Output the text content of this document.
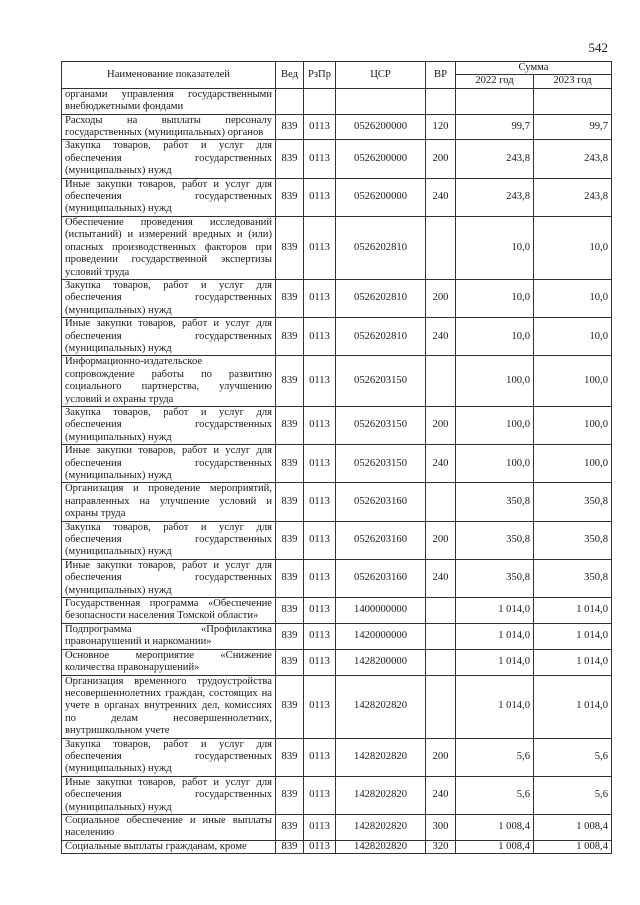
542
Наименование показателей	Вед	РзПр	ЦСР	ВР	Сумма	
					2022 год	2023 год
органами управления государственными внебюджетными фондами						
Расходы на выплаты персоналу государственных (муниципальных) органов	839	0113	0526200000	120	99,7	99,7
Закупка товаров, работ и услуг для обеспечения государственных (муниципальных) нужд	839	0113	0526200000	200	243,8	243,8
Иные закупки товаров, работ и услуг для обеспечения государственных (муниципальных) нужд	839	0113	0526200000	240	243,8	243,8
Обеспечение проведения исследований (испытаний) и измерений вредных и (или) опасных производственных факторов при проведении государственной экспертизы условий труда	839	0113	0526202810		10,0	10,0
Закупка товаров, работ и услуг для обеспечения государственных (муниципальных) нужд	839	0113	0526202810	200	10,0	10,0
Иные закупки товаров, работ и услуг для обеспечения государственных (муниципальных) нужд	839	0113	0526202810	240	10,0	10,0
Информационно-издательское сопровождение работы по развитию социального партнерства, улучшению условий и охраны труда	839	0113	0526203150		100,0	100,0
Закупка товаров, работ и услуг для обеспечения государственных (муниципальных) нужд	839	0113	0526203150	200	100,0	100,0
Иные закупки товаров, работ и услуг для обеспечения государственных (муниципальных) нужд	839	0113	0526203150	240	100,0	100,0
Организация и проведение мероприятий, направленных на улучшение условий и охраны труда	839	0113	0526203160		350,8	350,8
Закупка товаров, работ и услуг для обеспечения государственных (муниципальных) нужд	839	0113	0526203160	200	350,8	350,8
Иные закупки товаров, работ и услуг для обеспечения государственных (муниципальных) нужд	839	0113	0526203160	240	350,8	350,8
Государственная программа «Обеспечение безопасности населения Томской области»	839	0113	1400000000		1 014,0	1 014,0
Подпрограмма «Профилактика правонарушений и наркомании»	839	0113	1420000000		1 014,0	1 014,0
Основное мероприятие «Снижение количества правонарушений»	839	0113	1428200000		1 014,0	1 014,0
Организация временного трудоустройства несовершеннолетних граждан, состоящих на учете в органах внутренних дел, комиссиях по делам несовершеннолетних, внутришкольном учете	839	0113	1428202820		1 014,0	1 014,0
Закупка товаров, работ и услуг для обеспечения государственных (муниципальных) нужд	839	0113	1428202820	200	5,6	5,6
Иные закупки товаров, работ и услуг для обеспечения государственных (муниципальных) нужд	839	0113	1428202820	240	5,6	5,6
Социальное обеспечение и иные выплаты населению	839	0113	1428202820	300	1 008,4	1 008,4
Социальные выплаты гражданам, кроме	839	0113	1428202820	320	1 008,4	1 008,4
